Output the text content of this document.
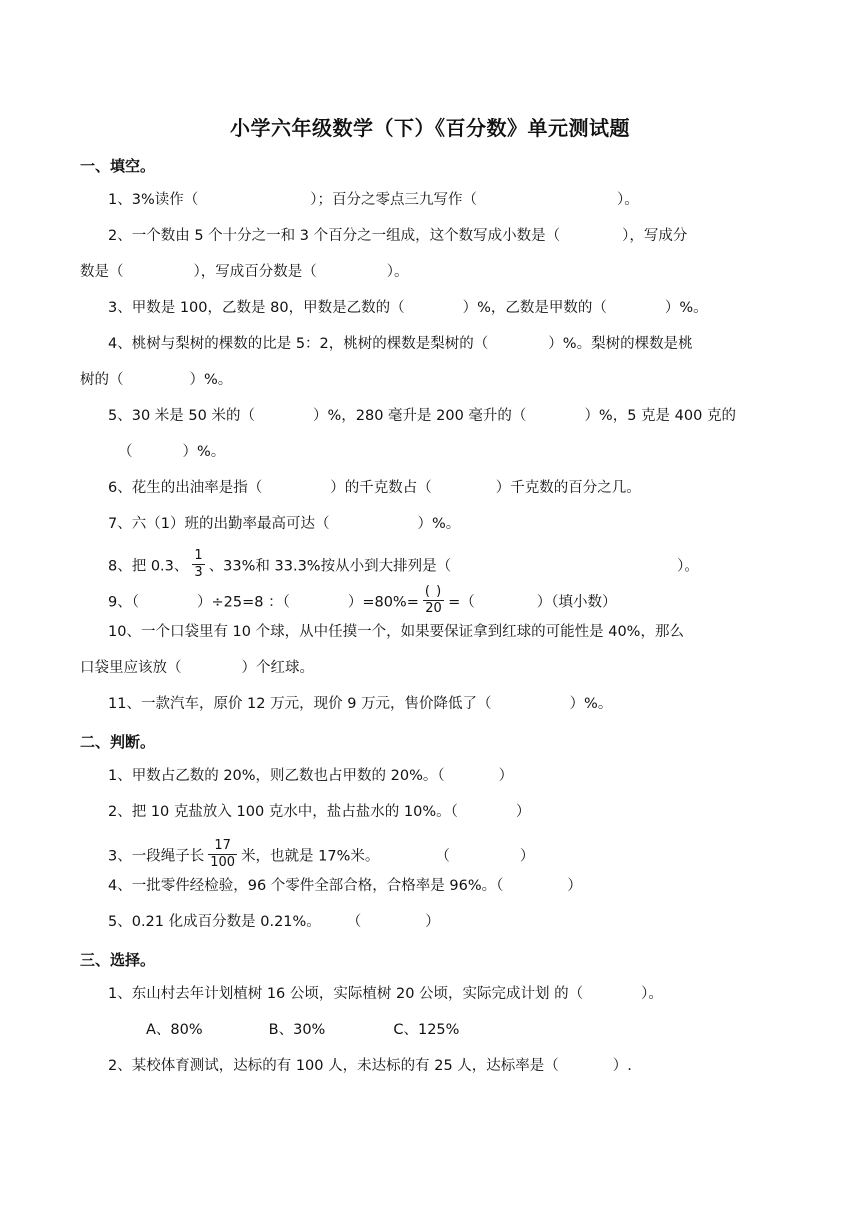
小学六年级数学（下）《百分数》单元测试题
一、填空。
1、3%读作（	）；百分之零点三九写作（	）。
2、一个数由 5 个十分之一和 3 个百分之一组成，这个数写成小数是（	），写成分
数是（	），写成百分数是（	）。
3、甲数是 100，乙数是 80，甲数是乙数的（	）%，乙数是甲数的（	）%。
4、桃树与梨树的棵数的比是 5：2，桃树的棵数是梨树的（	）%。梨树的棵数是桃
树的（	）%。
5、30 米是 50 米的（	）%，280 毫升是 200 毫升的（	）%，5 克是 400 克的
（	）%。
6、花生的出油率是指（	）的千克数占（	）千克数的百分之几。
7、六（1）班的出勤率最高可达（	）%。
8、把 0.3、 $\frac{1}{3}$ 、33%和 33.3%按从小到大排列是（	）。
9、（	）÷25=8 ：（	）$=80\%= \frac{( )}{20}$ =（	）（填小数）
10、一个口袋里有 10 个球，从中任摸一个，如果要保证拿到红球的可能性是 40%，那么
口袋里应该放（	）个红球。
11、一款汽车，原价 12 万元，现价 9 万元，售价降低了（	）%。
二、判断。
1、甲数占乙数的 20%，则乙数也占甲数的 20%。（	）
2、把 10 克盐放入 100 克水中，盐占盐水的 10%。（	）
3、一段绳子长 $\frac{17}{100}$ 米，也就是 17%米。	（	）
4、一批零件经检验，96 个零件全部合格，合格率是 96%。（	）
5、0.21 化成百分数是 0.21%。 （	）
三、选择。
1、东山村去年计划植树 16 公顷，实际植树 20 公顷，实际完成计划 的（	）。
A、80%	B、30%	C、125%
2、某校体育测试，达标的有 100 人，未达标的有 25 人，达标率是（	）.
